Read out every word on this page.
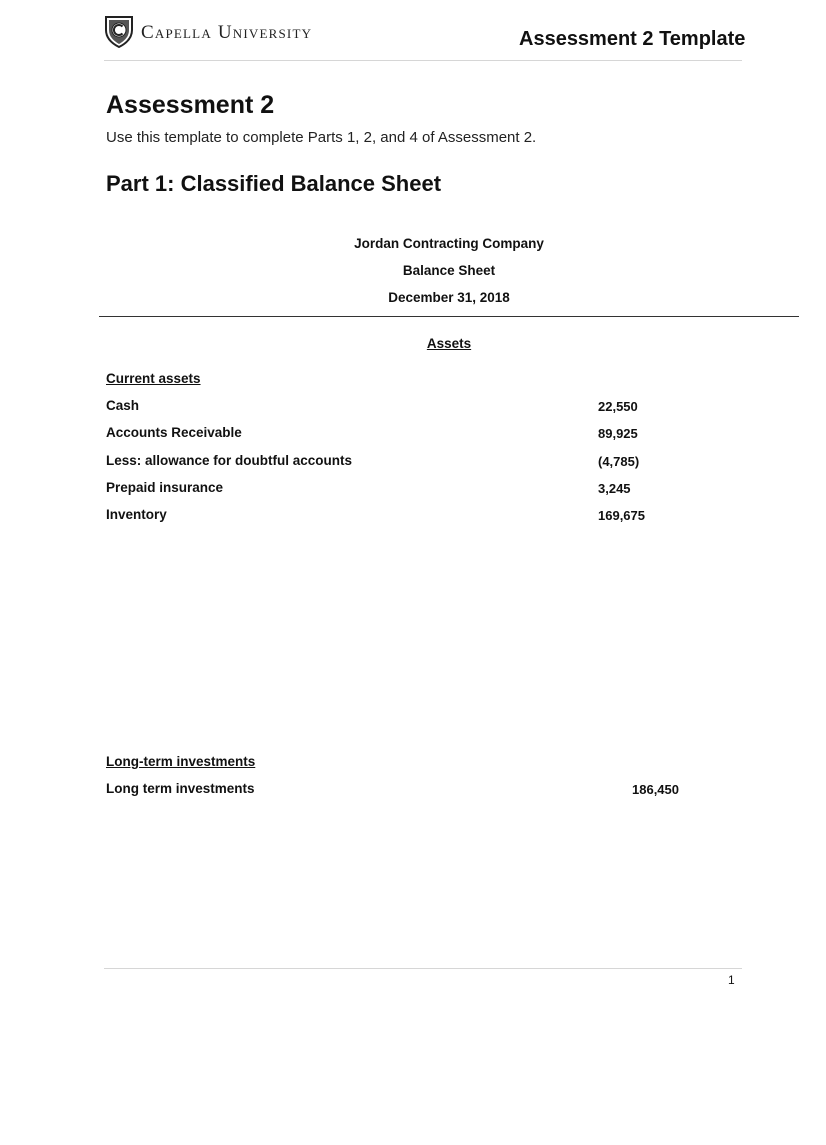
Capella University	Assessment 2 Template
Assessment 2
Use this template to complete Parts 1, 2, and 4 of Assessment 2.
Part 1: Classified Balance Sheet
Jordan Contracting Company
Balance Sheet
December 31, 2018
Assets
Current assets
Cash	22,550
Accounts Receivable	89,925
Less: allowance for doubtful accounts	(4,785)
Prepaid insurance	3,245
Inventory	169,675
Long-term investments
Long term investments	186,450
1
